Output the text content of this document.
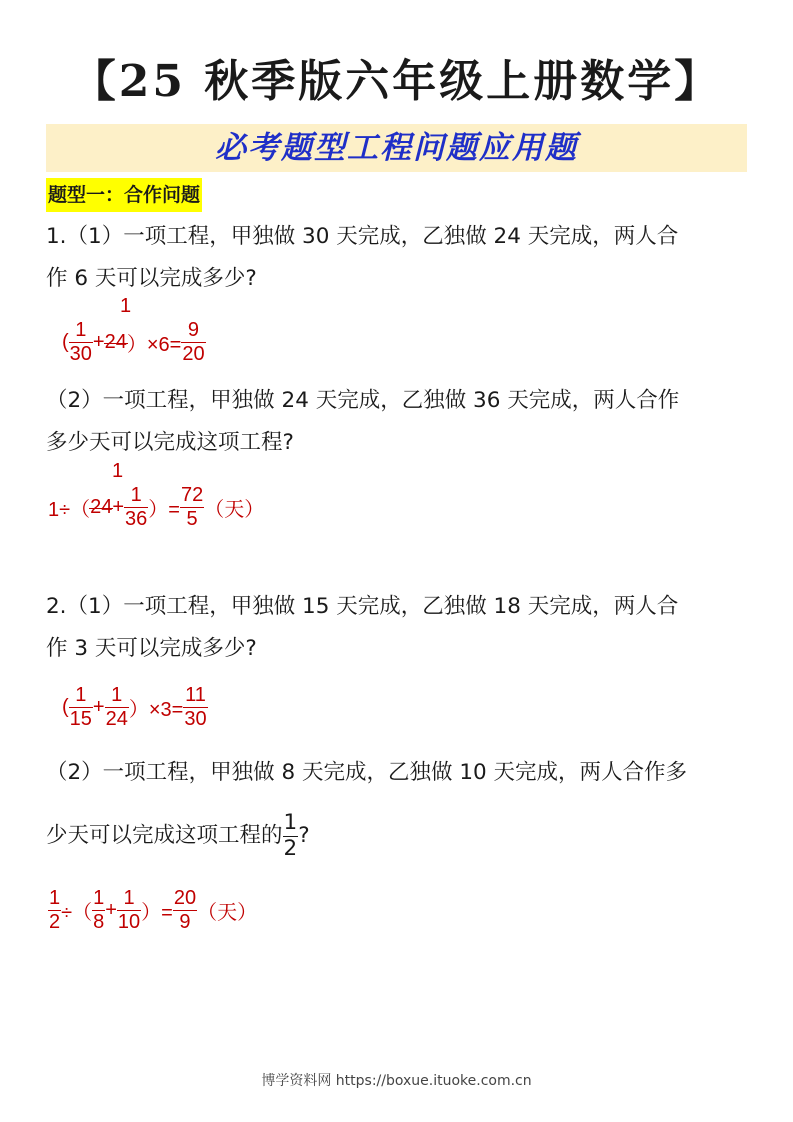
【25 秋季版六年级上册数学】
必考题型工程问题应用题
题型一：合作问题
1.（1）一项工程，甲独做 30 天完成，乙独做 24 天完成，两人合
作 6 天可以完成多少?
1
( $\frac{1}{30} +24)\times 6= \frac{9}{20}$
（2）一项工程，甲独做 24 天完成，乙独做 36 天完成，两人合作
多少天可以完成这项工程?
1
$1\div(24+ \frac{1}{36}$ ）= $\frac{72}{5}$ （天）
2.（1）一项工程，甲独做 15 天完成，乙独做 18 天完成，两人合
作 3 天可以完成多少?
( $\frac{1}{15} + \frac{1}{24} )\times 3= \frac{11}{30}$
（2）一项工程，甲独做 8 天完成，乙独做 10 天完成，两人合作多
少天可以完成这项工程的 $\frac{1}{2}$ ?
$\frac{1}{2}$ ÷（ $\frac{1}{8} + \frac{1}{10}$ ）= $\frac{20}{9}$ （天）
博学资料网 https://boxue.ituoke.com.cn
